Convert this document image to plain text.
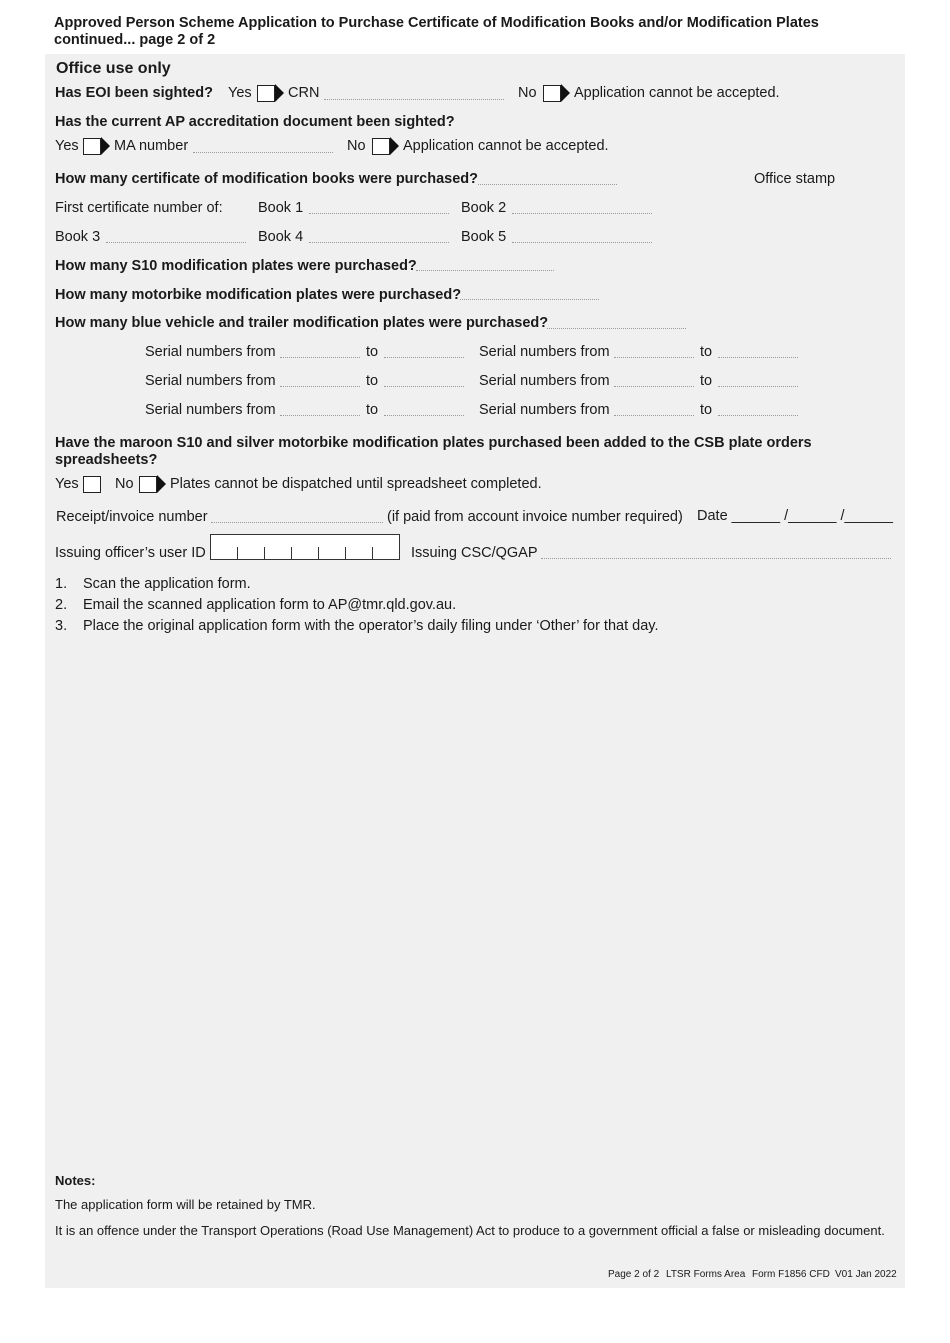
Approved Person Scheme Application to Purchase Certificate of Modification Books and/or Modification Plates
continued... page 2 of 2
Office use only
Has EOI been sighted? Yes	CRN	No	Application cannot be accepted.
Has the current AP accreditation document been sighted?
Yes MA number	No	Application cannot be accepted.
How many certificate of modification books were purchased?	Office stamp
First certificate number of: Book 1	Book 2
Book 3	Book 4	Book 5
How many S10 modification plates were purchased?
How many motorbike modification plates were purchased?
How many blue vehicle and trailer modification plates were purchased?
Serial numbers from	to	Serial numbers from	to
Serial numbers from	to	Serial numbers from	to
Serial numbers from	to	Serial numbers from	to
Have the maroon S10 and silver motorbike modification plates purchased been added to the CSB plate orders
spreadsheets?
Yes	No	Plates cannot be dispatched until spreadsheet completed.
Receipt/invoice number	(if paid from account invoice number required) Date ______ /______ /______
Issuing officer’s user ID	Issuing CSC/QGAP
1. Scan the application form.
2. Email the scanned application form to AP@tmr.qld.gov.au.
3. Place the original application form with the operator’s daily filing under ‘Other’ for that day.
Notes:
The application form will be retained by TMR.
It is an offence under the Transport Operations (Road Use Management) Act to produce to a government official a false or misleading document.
Page 2 of 2 LTSR Forms Area Form F1856 CFD V01 Jan 2022
